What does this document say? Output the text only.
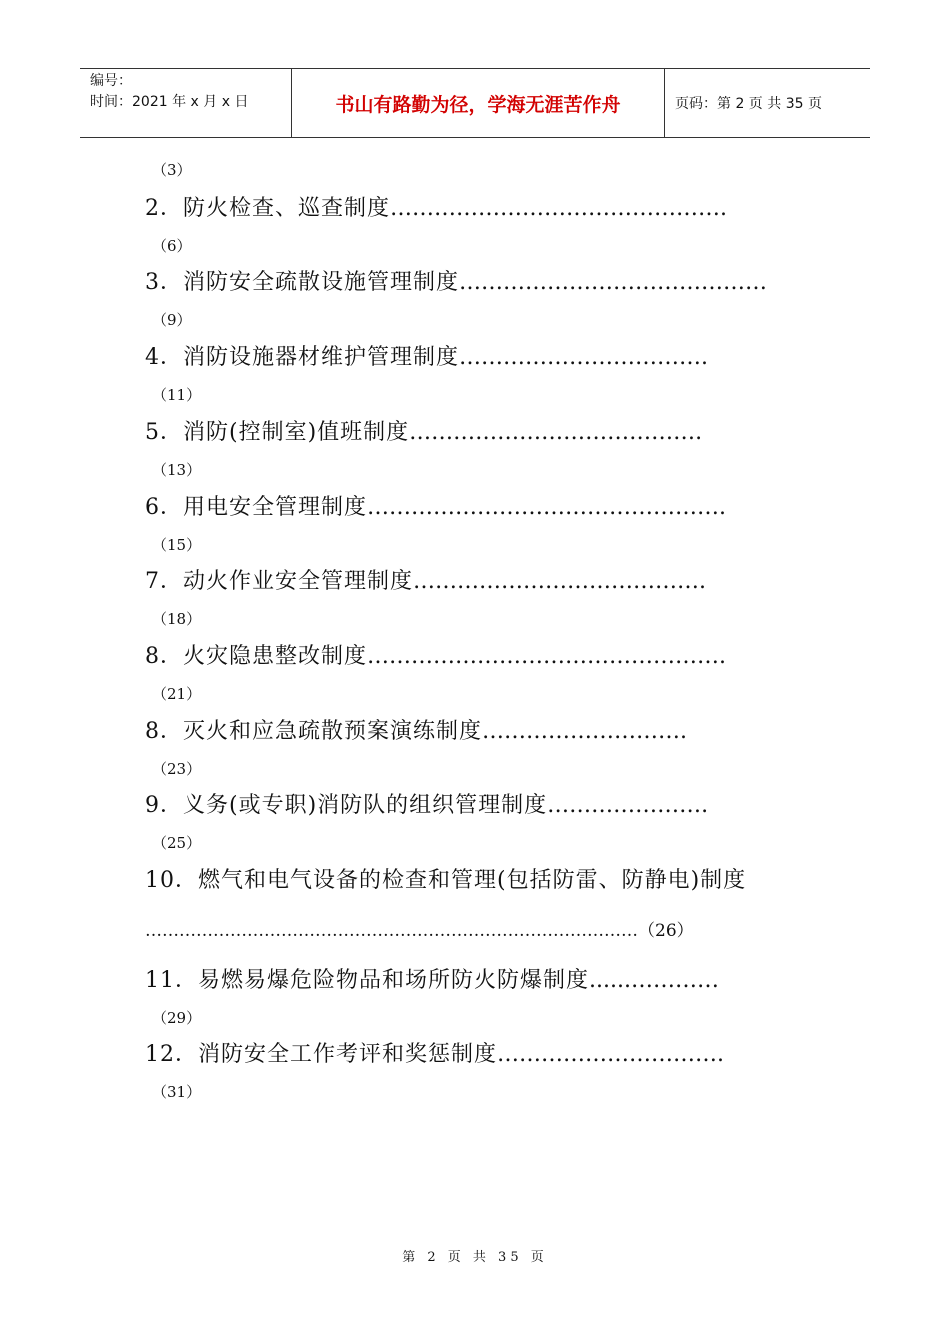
编号：
时间：2021 年 x 月 x 日	书山有路勤为径，学海无涯苦作舟	页码：第 2 页 共 35 页
（3）
2．防火检查、巡查制度……………………………………….
（6）
3．消防安全疏散设施管理制度……………………………………
（9）
4．消防设施器材维护管理制度…………………………….
（11）
5．消防(控制室)值班制度………………………………….
（13）
6．用电安全管理制度………………………………………….
（15）
7．动火作业安全管理制度………………………………….
（18）
8．火灾隐患整改制度………………………………………….
（21）
8．灭火和应急疏散预案演练制度……………………….
（23）
9．义务(或专职)消防队的组织管理制度………………….
（25）
10．燃气和电气设备的检查和管理(包括防雷、防静电)制度
……………………………………………………………………………（26）
11．易燃易爆危险物品和场所防火防爆制度......…………
（29）
12．消防安全工作考评和奖惩制度………………………….
（31）
第 2 页 共 35 页
